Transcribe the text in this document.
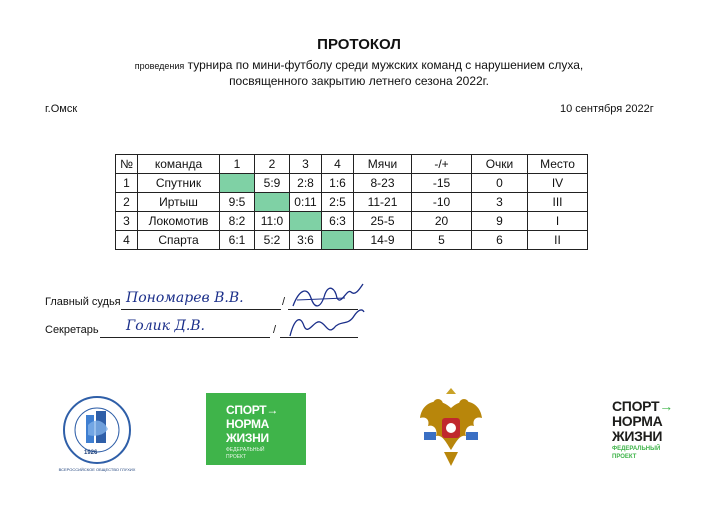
ПРОТОКОЛ
проведения турнира по мини-футболу среди мужских команд с нарушением слуха,
посвященного закрытию летнего сезона 2022г.
г.Омск	10 сентября 2022г
№	команда	1	2	3	4	Мячи	-/+	Очки	Место
1	Спутник		5:9	2:8	1:6	8-23	-15	0	IV
2	Иртыш	9:5		0:11	2:5	11-21	-10	3	III
3	Локомотив	8:2	11:0		6:3	25-5	20	9	I
4	Спарта	6:1	5:2	3:6		14-9	5	6	II
Главный судья Пономарев В.В.	/
Секретарь Голик Д.В.	/
1926
ВСЕРОССИЙСКОЕ ОБЩЕСТВО ГЛУХИХ
СПОРТ→
НОРМА
ЖИЗНИ
ФЕДЕРАЛЬНЫЙ
ПРОЕКТ
СПОРТ→
НОРМА
ЖИЗНИ
ФЕДЕРАЛЬНЫЙ
ПРОЕКТ
